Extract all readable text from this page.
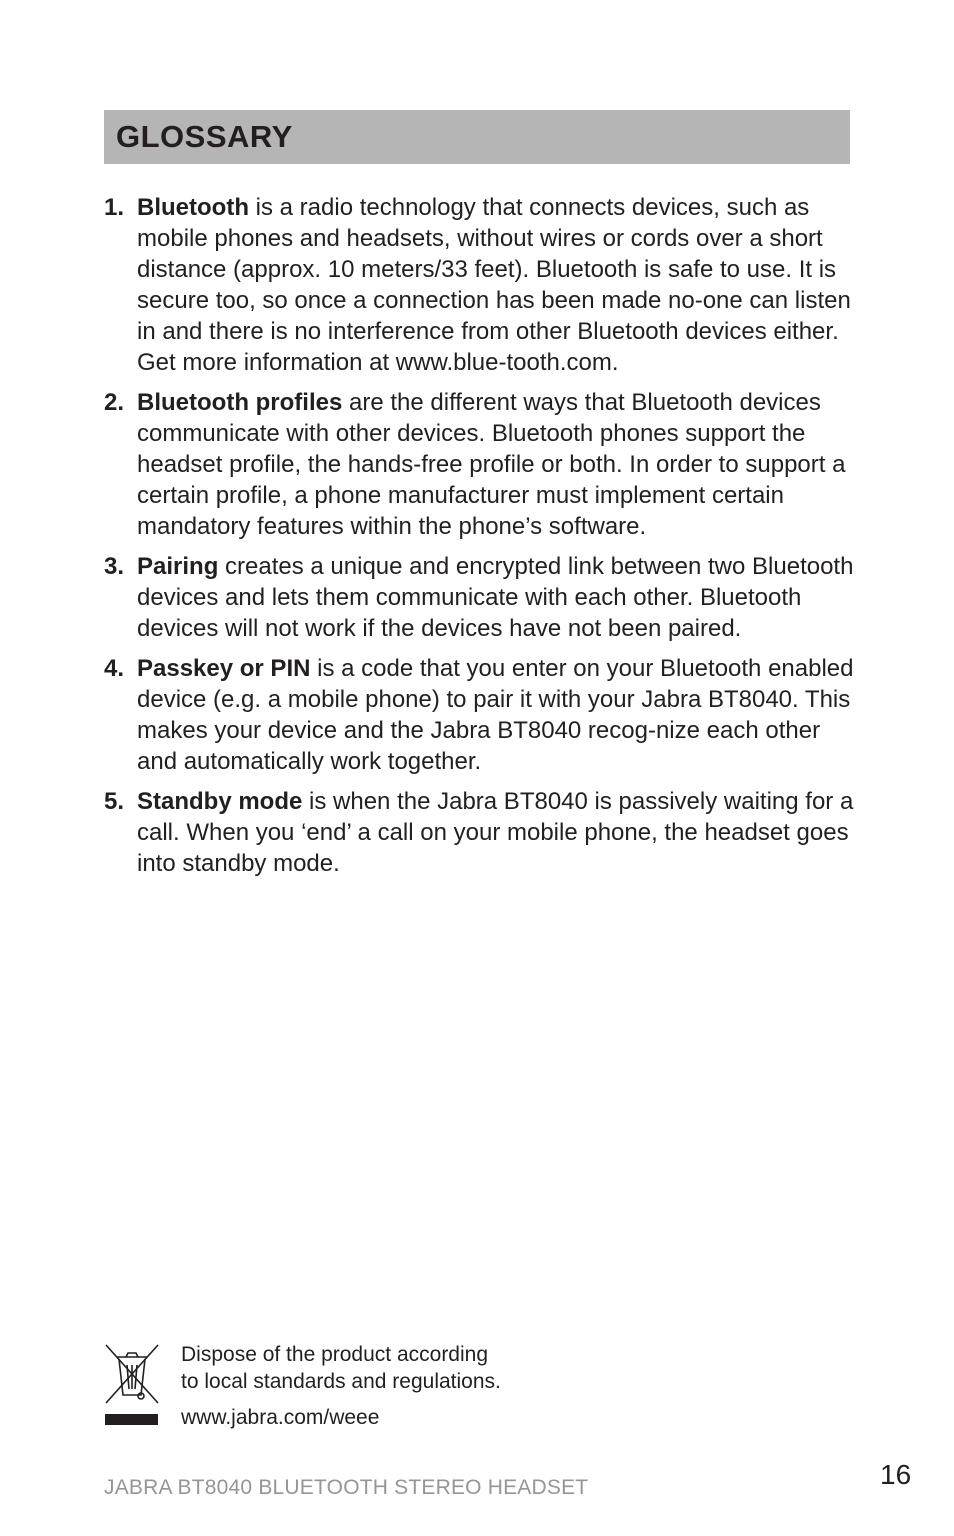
GLOSSARY
1. Bluetooth is a radio technology that connects devices, such as mobile phones and headsets, without wires or cords over a short distance (approx. 10 meters/33 feet). Bluetooth is safe to use. It is secure too, so once a connection has been made no-one can listen in and there is no interference from other Bluetooth devices either. Get more information at www.blue-tooth.com.
2. Bluetooth profiles are the different ways that Bluetooth devices communicate with other devices. Bluetooth phones support the headset profile, the hands-free profile or both. In order to support a certain profile, a phone manufacturer must implement certain mandatory features within the phone’s software.
3. Pairing creates a unique and encrypted link between two Bluetooth devices and lets them communicate with each other. Bluetooth devices will not work if the devices have not been paired.
4. Passkey or PIN is a code that you enter on your Bluetooth enabled device (e.g. a mobile phone) to pair it with your Jabra BT8040. This makes your device and the Jabra BT8040 recog-nize each other and automatically work together.
5. Standby mode is when the Jabra BT8040 is passively waiting for a call. When you ‘end’ a call on your mobile phone, the headset goes into standby mode.
Dispose of the product according
to local standards and regulations.
www.jabra.com/weee
JABRA BT8040 BLUETOOTH STEREO HEADSET	16
